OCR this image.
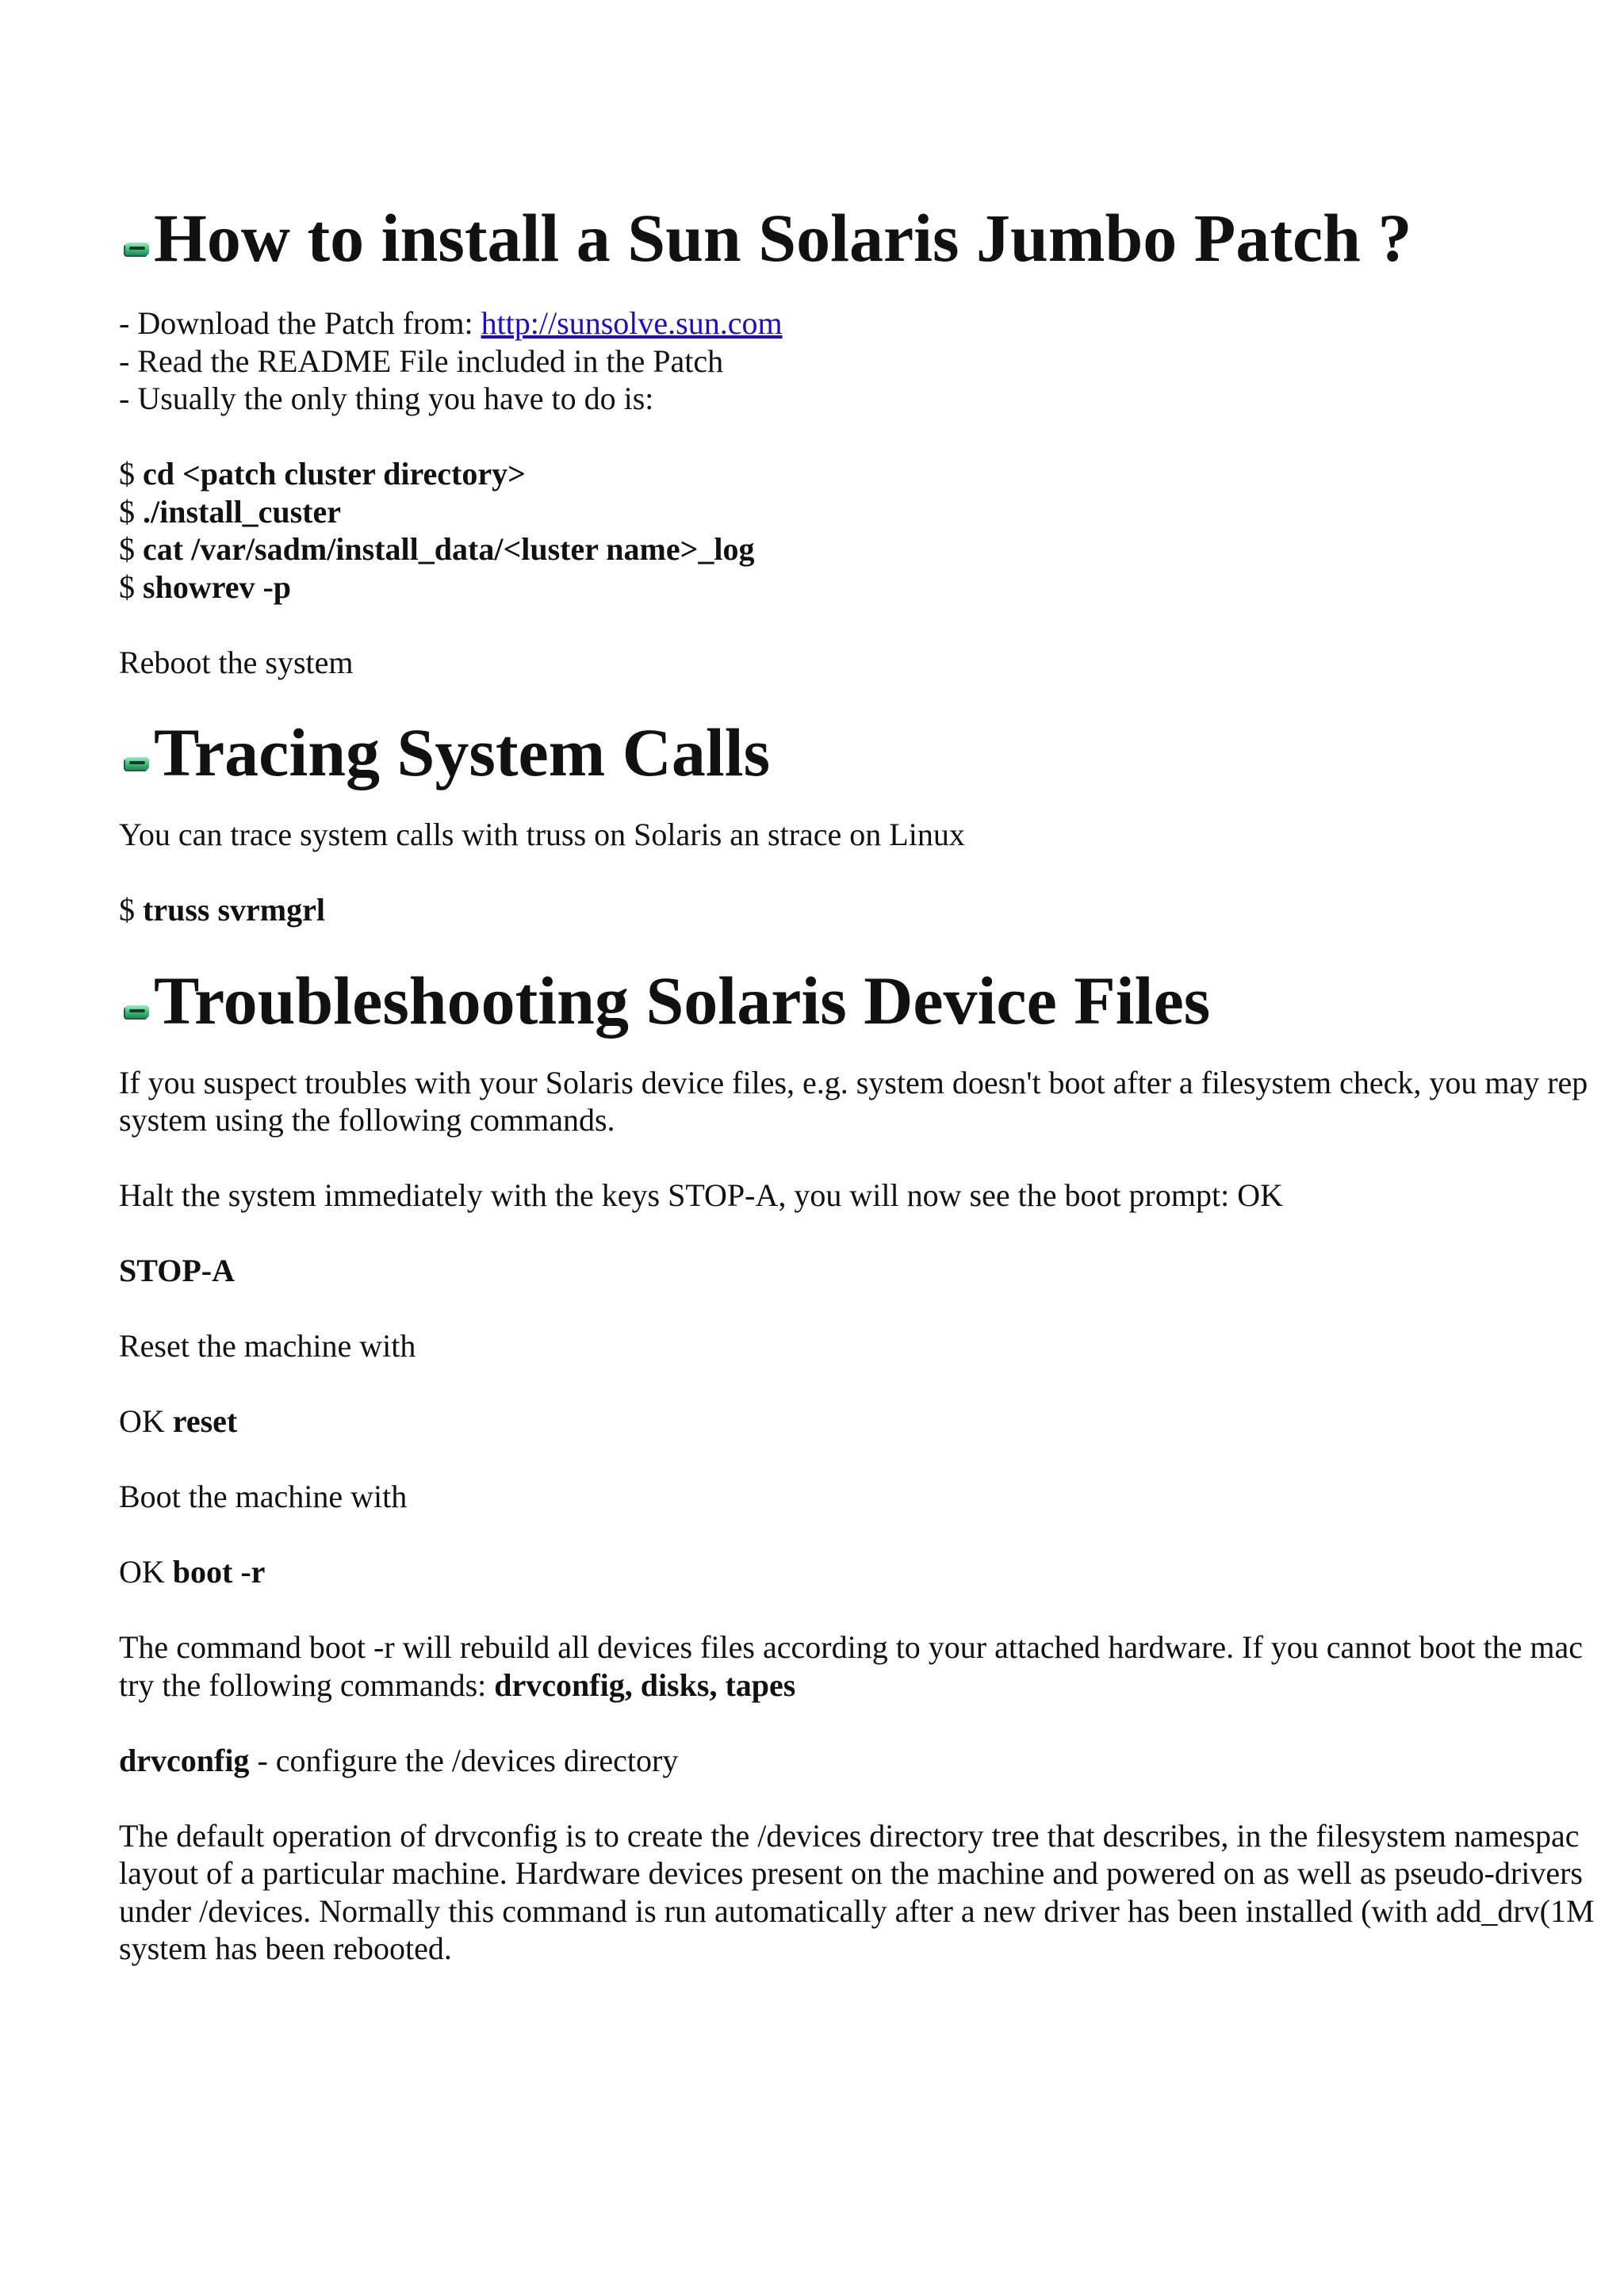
How to install a Sun Solaris Jumbo Patch ?

- Download the Patch from: http://sunsolve.sun.com

- Read the README File included in the Patch

- Usually the only thing you have to do is:

$ cd <patch cluster directory>

$ ./install_custer

$ cat /var/sadm/install_data/<luster name>_log

$ showrev -p

Reboot the system

Tracing System Calls

You can trace system calls with truss on Solaris an strace on Linux

$ truss svrmgrl

Troubleshooting Solaris Device Files

If you suspect troubles with your Solaris device files, e.g. system doesn't boot after a filesystem check, you may rep

system using the following commands.

Halt the system immediately with the keys STOP-A, you will now see the boot prompt: OK

STOP-A

Reset the machine with

OK reset

Boot the machine with

OK boot -r

The command boot -r will rebuild all devices files according to your attached hardware. If you cannot boot the mac

try the following commands: drvconfig, disks, tapes

drvconfig - configure the /devices directory

The default operation of drvconfig is to create the /devices directory tree that describes, in the filesystem namespac

layout of a particular machine. Hardware devices present on the machine and powered on as well as pseudo-drivers

under /devices. Normally this command is run automatically after a new driver has been installed (with add_drv(1M

system has been rebooted.
